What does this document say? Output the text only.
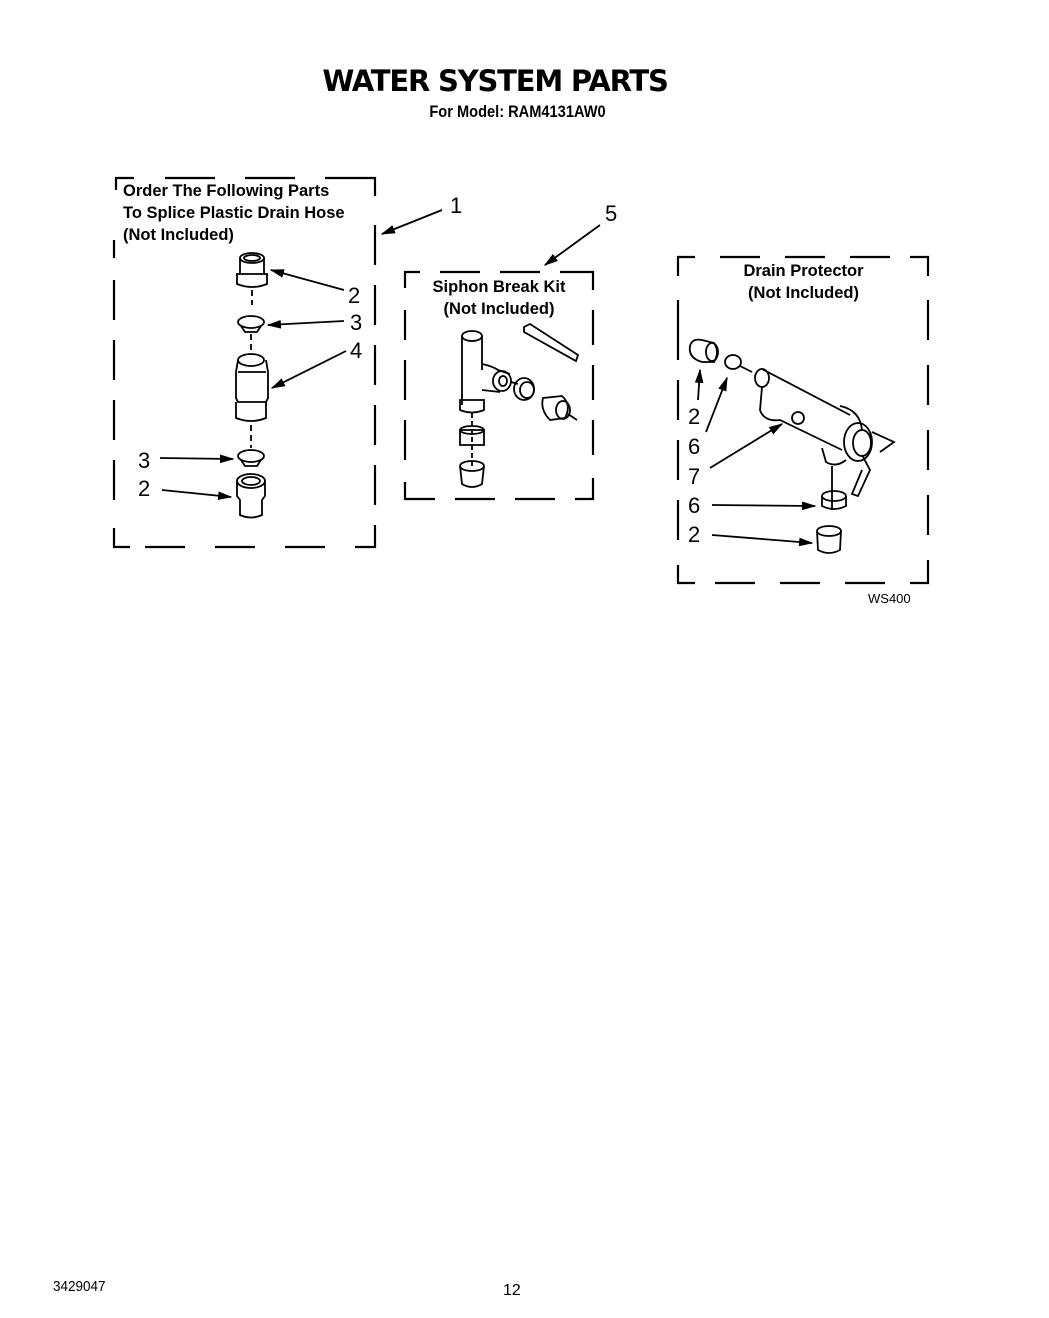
WATER SYSTEM PARTS
For Model: RAM4131AW0
Order The Following Parts
To Splice Plastic Drain Hose
(Not Included)
1
2
3
4
3
2
Siphon Break Kit
(Not Included)
5
Drain Protector
(Not Included)
2
6
7
6
2
WS400
3429047	12
